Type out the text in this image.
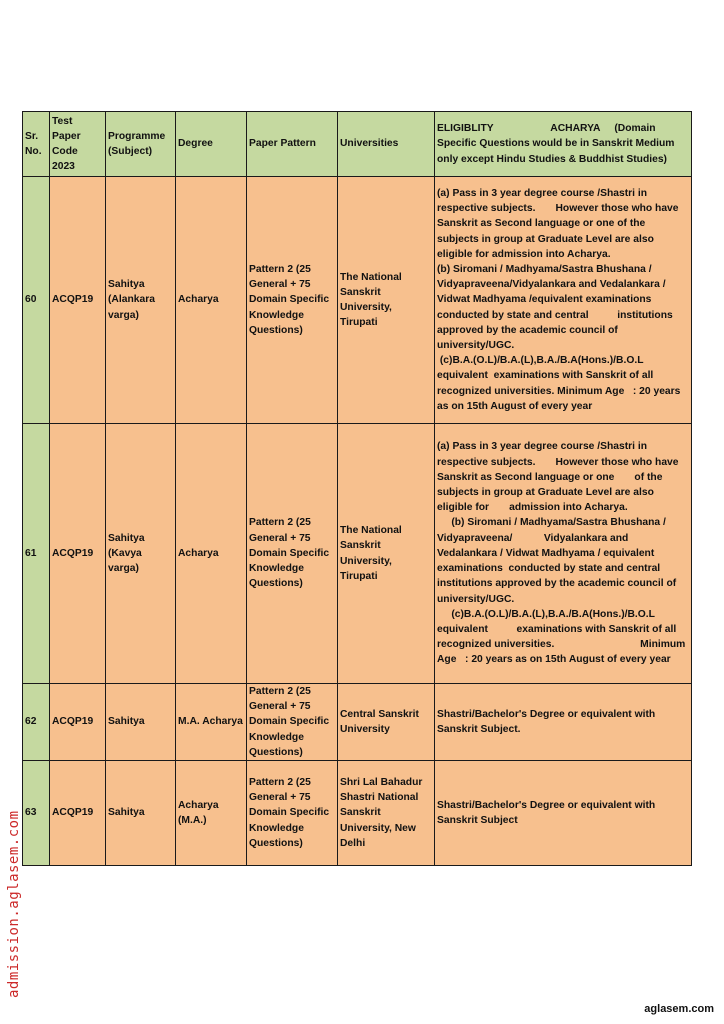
Sr. No.	Test Paper Code 2023	Programme (Subject)	Degree	Paper Pattern	Universities	ELIGIBLITY                    ACHARYA     (Domain Specific Questions would be in Sanskrit Medium only except Hindu Studies & Buddhist Studies)
60	ACQP19	Sahitya (Alankara varga)	Acharya	Pattern 2 (25 General + 75 Domain Specific Knowledge Questions)	The National Sanskrit University, Tirupati	(a) Pass in 3 year degree course /Shastri in respective subjects.       However those who have Sanskrit as Second language or one of the subjects in group at Graduate Level are also eligible for admission into Acharya.
(b) Siromani / Madhyama/Sastra Bhushana / Vidyapraveena/Vidyalankara and Vedalankara / Vidwat Madhyama /equivalent examinations conducted by state and central          institutions approved by the academic council of university/UGC.
(c)B.A.(O.L)/B.A.(L),B.A./B.A(Hons.)/B.O.L equivalent  examinations with Sanskrit of all recognized universities. Minimum Age   : 20 years as on 15th August of every year
61	ACQP19	Sahitya (Kavya varga)	Acharya	Pattern 2 (25 General + 75 Domain Specific Knowledge Questions)	The National Sanskrit University, Tirupati	(a) Pass in 3 year degree course /Shastri in respective subjects.       However those who have Sanskrit as Second language or one       of the subjects in group at Graduate Level are also eligible for       admission into Acharya.
(b) Siromani / Madhyama/Sastra Bhushana / Vidyapraveena/           Vidyalankara and Vedalankara / Vidwat Madhyama / equivalent examinations  conducted by state and central           institutions approved by the academic council of            university/UGC.
(c)B.A.(O.L)/B.A.(L),B.A./B.A(Hons.)/B.O.L equivalent          examinations with Sanskrit of all recognized universities.                              Minimum Age   : 20 years as on 15th August of every year
62	ACQP19	Sahitya	M.A. Acharya	Pattern 2 (25 General + 75 Domain Specific Knowledge Questions)	Central Sanskrit University	Shastri/Bachelor's Degree or equivalent with Sanskrit Subject.
63	ACQP19	Sahitya	Acharya (M.A.)	Pattern 2 (25 General + 75 Domain Specific Knowledge Questions)	Shri Lal Bahadur Shastri National Sanskrit University, New Delhi	Shastri/Bachelor's Degree or equivalent with Sanskrit Subject
admission.aglasem.com
aglasem.com
